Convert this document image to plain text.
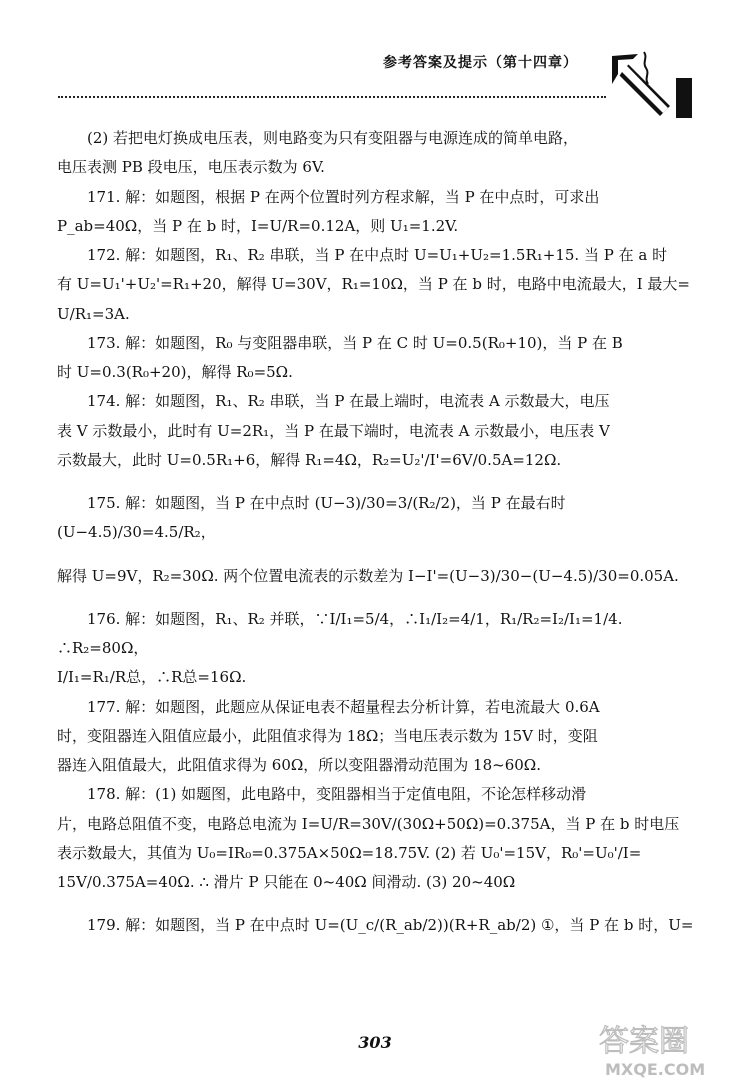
参考答案及提示（第十四章）

(2) 若把电灯换成电压表，则电路变为只有变阻器与电源连成的简单电路，

电压表测 PB 段电压，电压表示数为 6V.

171. 解：如题图，根据 P 在两个位置时列方程求解，当 P 在中点时，可求出

P_ab=40Ω，当 P 在 b 时，I=U/R=0.12A，则 U₁=1.2V.

172. 解：如题图，R₁、R₂ 串联，当 P 在中点时 U=U₁+U₂=1.5R₁+15. 当 P 在 a 时

有 U=U₁'+U₂'=R₁+20，解得 U=30V，R₁=10Ω，当 P 在 b 时，电路中电流最大，I 最大=

U/R₁=3A.

173. 解：如题图，R₀ 与变阻器串联，当 P 在 C 时 U=0.5(R₀+10)，当 P 在 B

时 U=0.3(R₀+20)，解得 R₀=5Ω.

174. 解：如题图，R₁、R₂ 串联，当 P 在最上端时，电流表 A 示数最大，电压

表 V 示数最小，此时有 U=2R₁，当 P 在最下端时，电流表 A 示数最小，电压表 V

示数最大，此时 U=0.5R₁+6，解得 R₁=4Ω，R₂=U₂'/I'=6V/0.5A=12Ω.

175. 解：如题图，当 P 在中点时 (U−3)/30=3/(R₂/2)，当 P 在最右时 (U−4.5)/30=4.5/R₂，

解得 U=9V，R₂=30Ω. 两个位置电流表的示数差为 I−I'=(U−3)/30−(U−4.5)/30=0.05A.

176. 解：如题图，R₁、R₂ 并联，∵I/I₁=5/4，∴I₁/I₂=4/1，R₁/R₂=I₂/I₁=1/4. ∴R₂=80Ω，

I/I₁=R₁/R总，∴R总=16Ω.

177. 解：如题图，此题应从保证电表不超量程去分析计算，若电流最大 0.6A

时，变阻器连入阻值应最小，此阻值求得为 18Ω；当电压表示数为 15V 时，变阻

器连入阻值最大，此阻值求得为 60Ω，所以变阻器滑动范围为 18~60Ω.

178. 解：(1) 如题图，此电路中，变阻器相当于定值电阻，不论怎样移动滑

片，电路总阻值不变，电路总电流为 I=U/R=30V/(30Ω+50Ω)=0.375A，当 P 在 b 时电压

表示数最大，其值为 U₀=IR₀=0.375A×50Ω=18.75V. (2) 若 U₀'=15V，R₀'=U₀'/I=

15V/0.375A=40Ω. ∴ 滑片 P 只能在 0~40Ω 间滑动. (3) 20~40Ω

179. 解：如题图，当 P 在中点时 U=(U_c/(R_ab/2))(R+R_ab/2) ①，当 P 在 b 时，U=

303	答案圈
MXQE.COM
